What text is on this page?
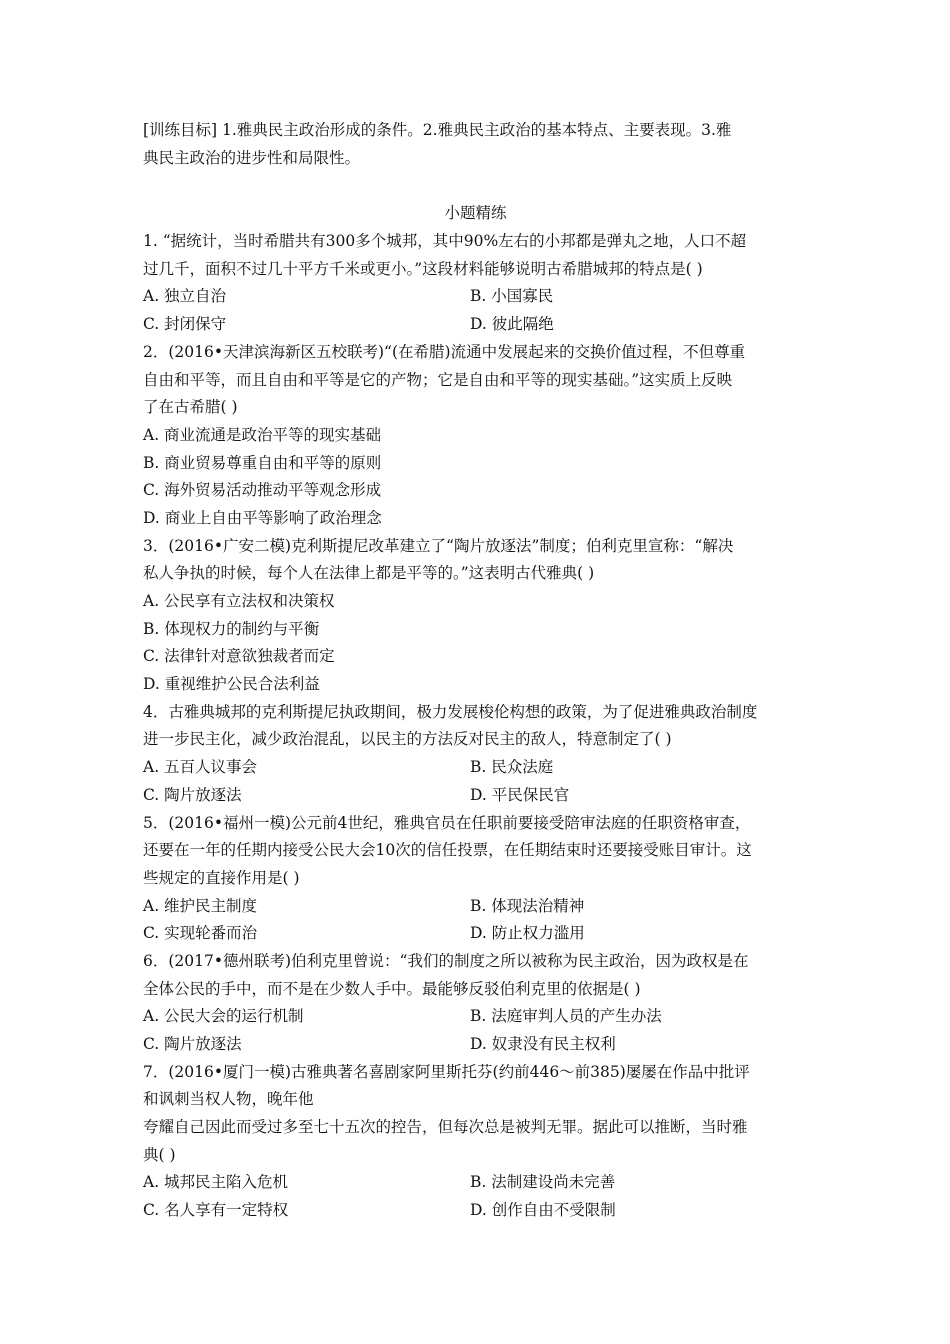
[训练目标] 1.雅典民主政治形成的条件。2.雅典民主政治的基本特点、主要表现。3.雅
典民主政治的进步性和局限性。
小题精练
1. “据统计，当时希腊共有300多个城邦，其中90%左右的小邦都是弹丸之地，人口不超
过几千，面积不过几十平方千米或更小。”这段材料能够说明古希腊城邦的特点是( )
A. 独立自治	B. 小国寡民
C. 封闭保守	D. 彼此隔绝
2．(2016•天津滨海新区五校联考)“(在希腊)流通中发展起来的交换价值过程，不但尊重
自由和平等，而且自由和平等是它的产物；它是自由和平等的现实基础。”这实质上反映
了在古希腊( )
A. 商业流通是政治平等的现实基础
B. 商业贸易尊重自由和平等的原则
C. 海外贸易活动推动平等观念形成
D. 商业上自由平等影响了政治理念
3．(2016•广安二模)克利斯提尼改革建立了“陶片放逐法”制度；伯利克里宣称：“解决
私人争执的时候，每个人在法律上都是平等的。”这表明古代雅典( )
A. 公民享有立法权和决策权
B. 体现权力的制约与平衡
C. 法律针对意欲独裁者而定
D. 重视维护公民合法利益
4．古雅典城邦的克利斯提尼执政期间，极力发展梭伦构想的政策，为了促进雅典政治制度
进一步民主化，减少政治混乱，以民主的方法反对民主的敌人，特意制定了( )
A. 五百人议事会	B. 民众法庭
C. 陶片放逐法	D. 平民保民官
5．(2016•福州一模)公元前4世纪，雅典官员在任职前要接受陪审法庭的任职资格审查，
还要在一年的任期内接受公民大会10次的信任投票，在任期结束时还要接受账目审计。这
些规定的直接作用是( )
A. 维护民主制度	B. 体现法治精神
C. 实现轮番而治	D. 防止权力滥用
6．(2017•德州联考)伯利克里曾说：“我们的制度之所以被称为民主政治，因为政权是在
全体公民的手中，而不是在少数人手中。最能够反驳伯利克里的依据是( )
A. 公民大会的运行机制	B. 法庭审判人员的产生办法
C. 陶片放逐法	D. 奴隶没有民主权利
7．(2016•厦门一模)古雅典著名喜剧家阿里斯托芬(约前446～前385)屡屡在作品中批评
和讽刺当权人物，晚年他
夸耀自己因此而受过多至七十五次的控告，但每次总是被判无罪。据此可以推断，当时雅
典( )
A. 城邦民主陷入危机	B. 法制建设尚未完善
C. 名人享有一定特权	D. 创作自由不受限制
